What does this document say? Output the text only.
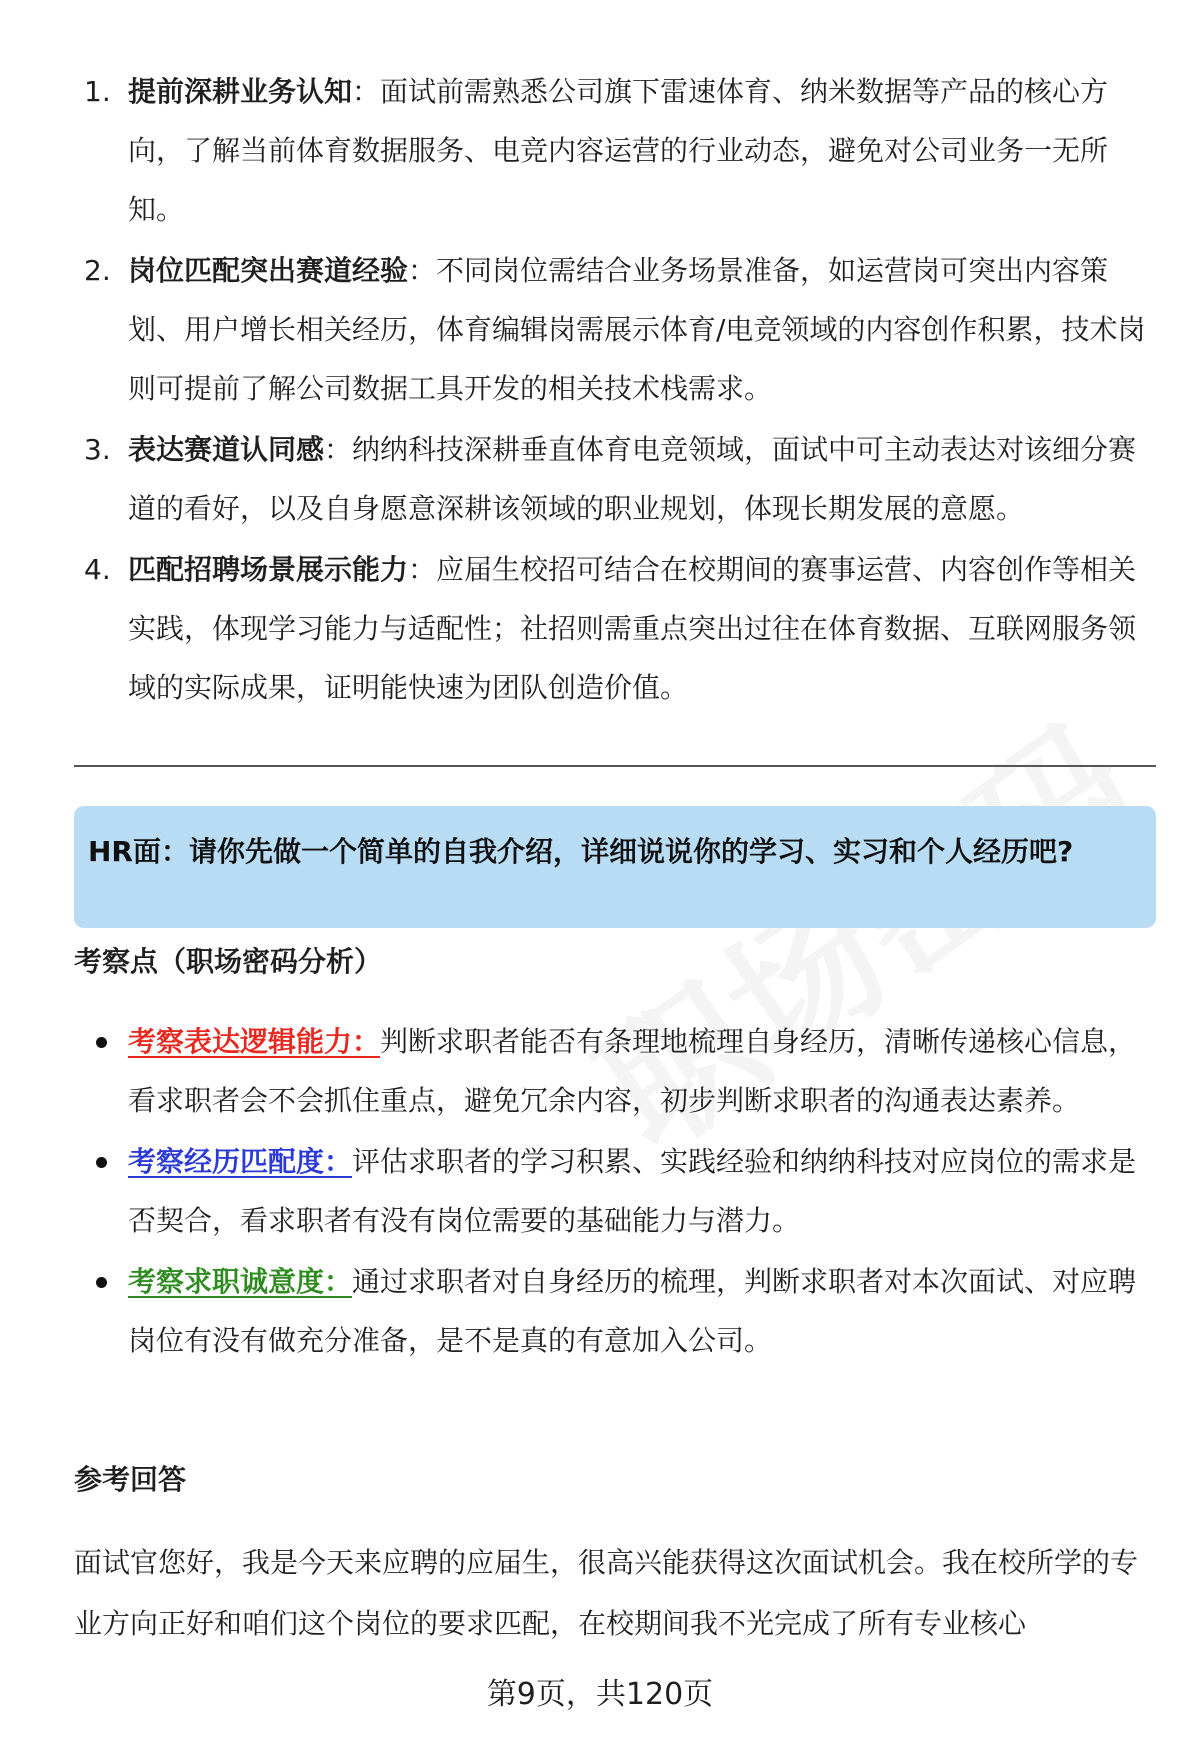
1. 提前深耕业务认知：面试前需熟悉公司旗下雷速体育、纳米数据等产品的核心方向，了解当前体育数据服务、电竞内容运营的行业动态，避免对公司业务一无所知。
2. 岗位匹配突出赛道经验：不同岗位需结合业务场景准备，如运营岗可突出内容策划、用户增长相关经历，体育编辑岗需展示体育/电竞领域的内容创作积累，技术岗则可提前了解公司数据工具开发的相关技术栈需求。
3. 表达赛道认同感：纳纳科技深耕垂直体育电竞领域，面试中可主动表达对该细分赛道的看好，以及自身愿意深耕该领域的职业规划，体现长期发展的意愿。
4. 匹配招聘场景展示能力：应届生校招可结合在校期间的赛事运营、内容创作等相关实践，体现学习能力与适配性；社招则需重点突出过往在体育数据、互联网服务领域的实际成果，证明能快速为团队创造价值。
HR面：请你先做一个简单的自我介绍，详细说说你的学习、实习和个人经历吧?
考察点（职场密码分析）
考察表达逻辑能力：判断求职者能否有条理地梳理自身经历，清晰传递核心信息，看求职者会不会抓住重点，避免冗余内容，初步判断求职者的沟通表达素养。
考察经历匹配度：评估求职者的学习积累、实践经验和纳纳科技对应岗位的需求是否契合，看求职者有没有岗位需要的基础能力与潜力。
考察求职诚意度：通过求职者对自身经历的梳理，判断求职者对本次面试、对应聘岗位有没有做充分准备，是不是真的有意加入公司。
参考回答
面试官您好，我是今天来应聘的应届生，很高兴能获得这次面试机会。我在校所学的专业方向正好和咱们这个岗位的要求匹配，在校期间我不光完成了所有专业核心
第9页，共120页
